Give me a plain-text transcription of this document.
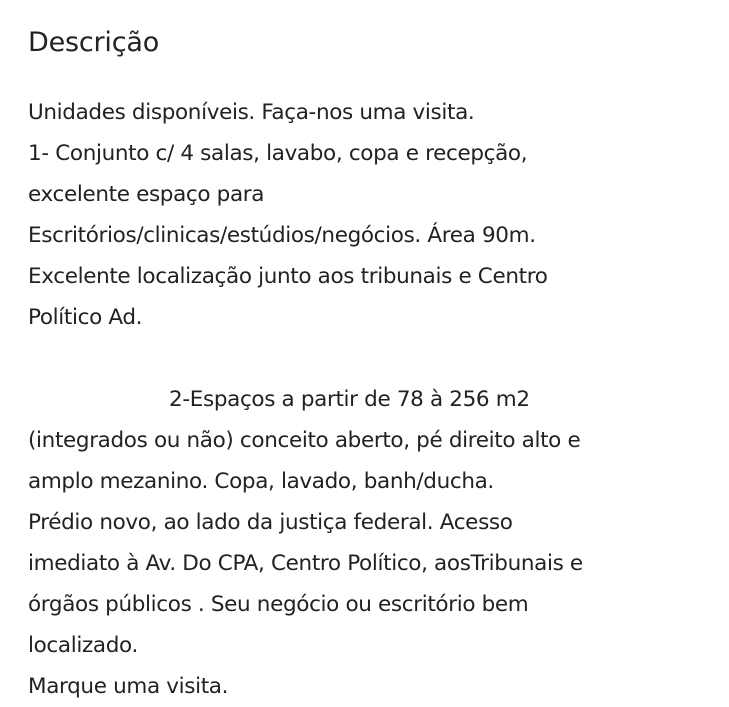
Descrição
Unidades disponíveis. Faça-nos uma visita.
1- Conjunto c/ 4 salas, lavabo, copa e recepção,
excelente espaço para
Escritórios/clinicas/estúdios/negócios. Área 90m.
Excelente localização junto aos tribunais e Centro
Político Ad.
2-Espaços a partir de 78 à 256 m2
(integrados ou não) conceito aberto, pé direito alto e
amplo mezanino. Copa, lavado, banh/ducha.
Prédio novo, ao lado da justiça federal. Acesso
imediato à Av. Do CPA, Centro Político, aosTribunais e
órgãos públicos . Seu negócio ou escritório bem
localizado.
Marque uma visita.
